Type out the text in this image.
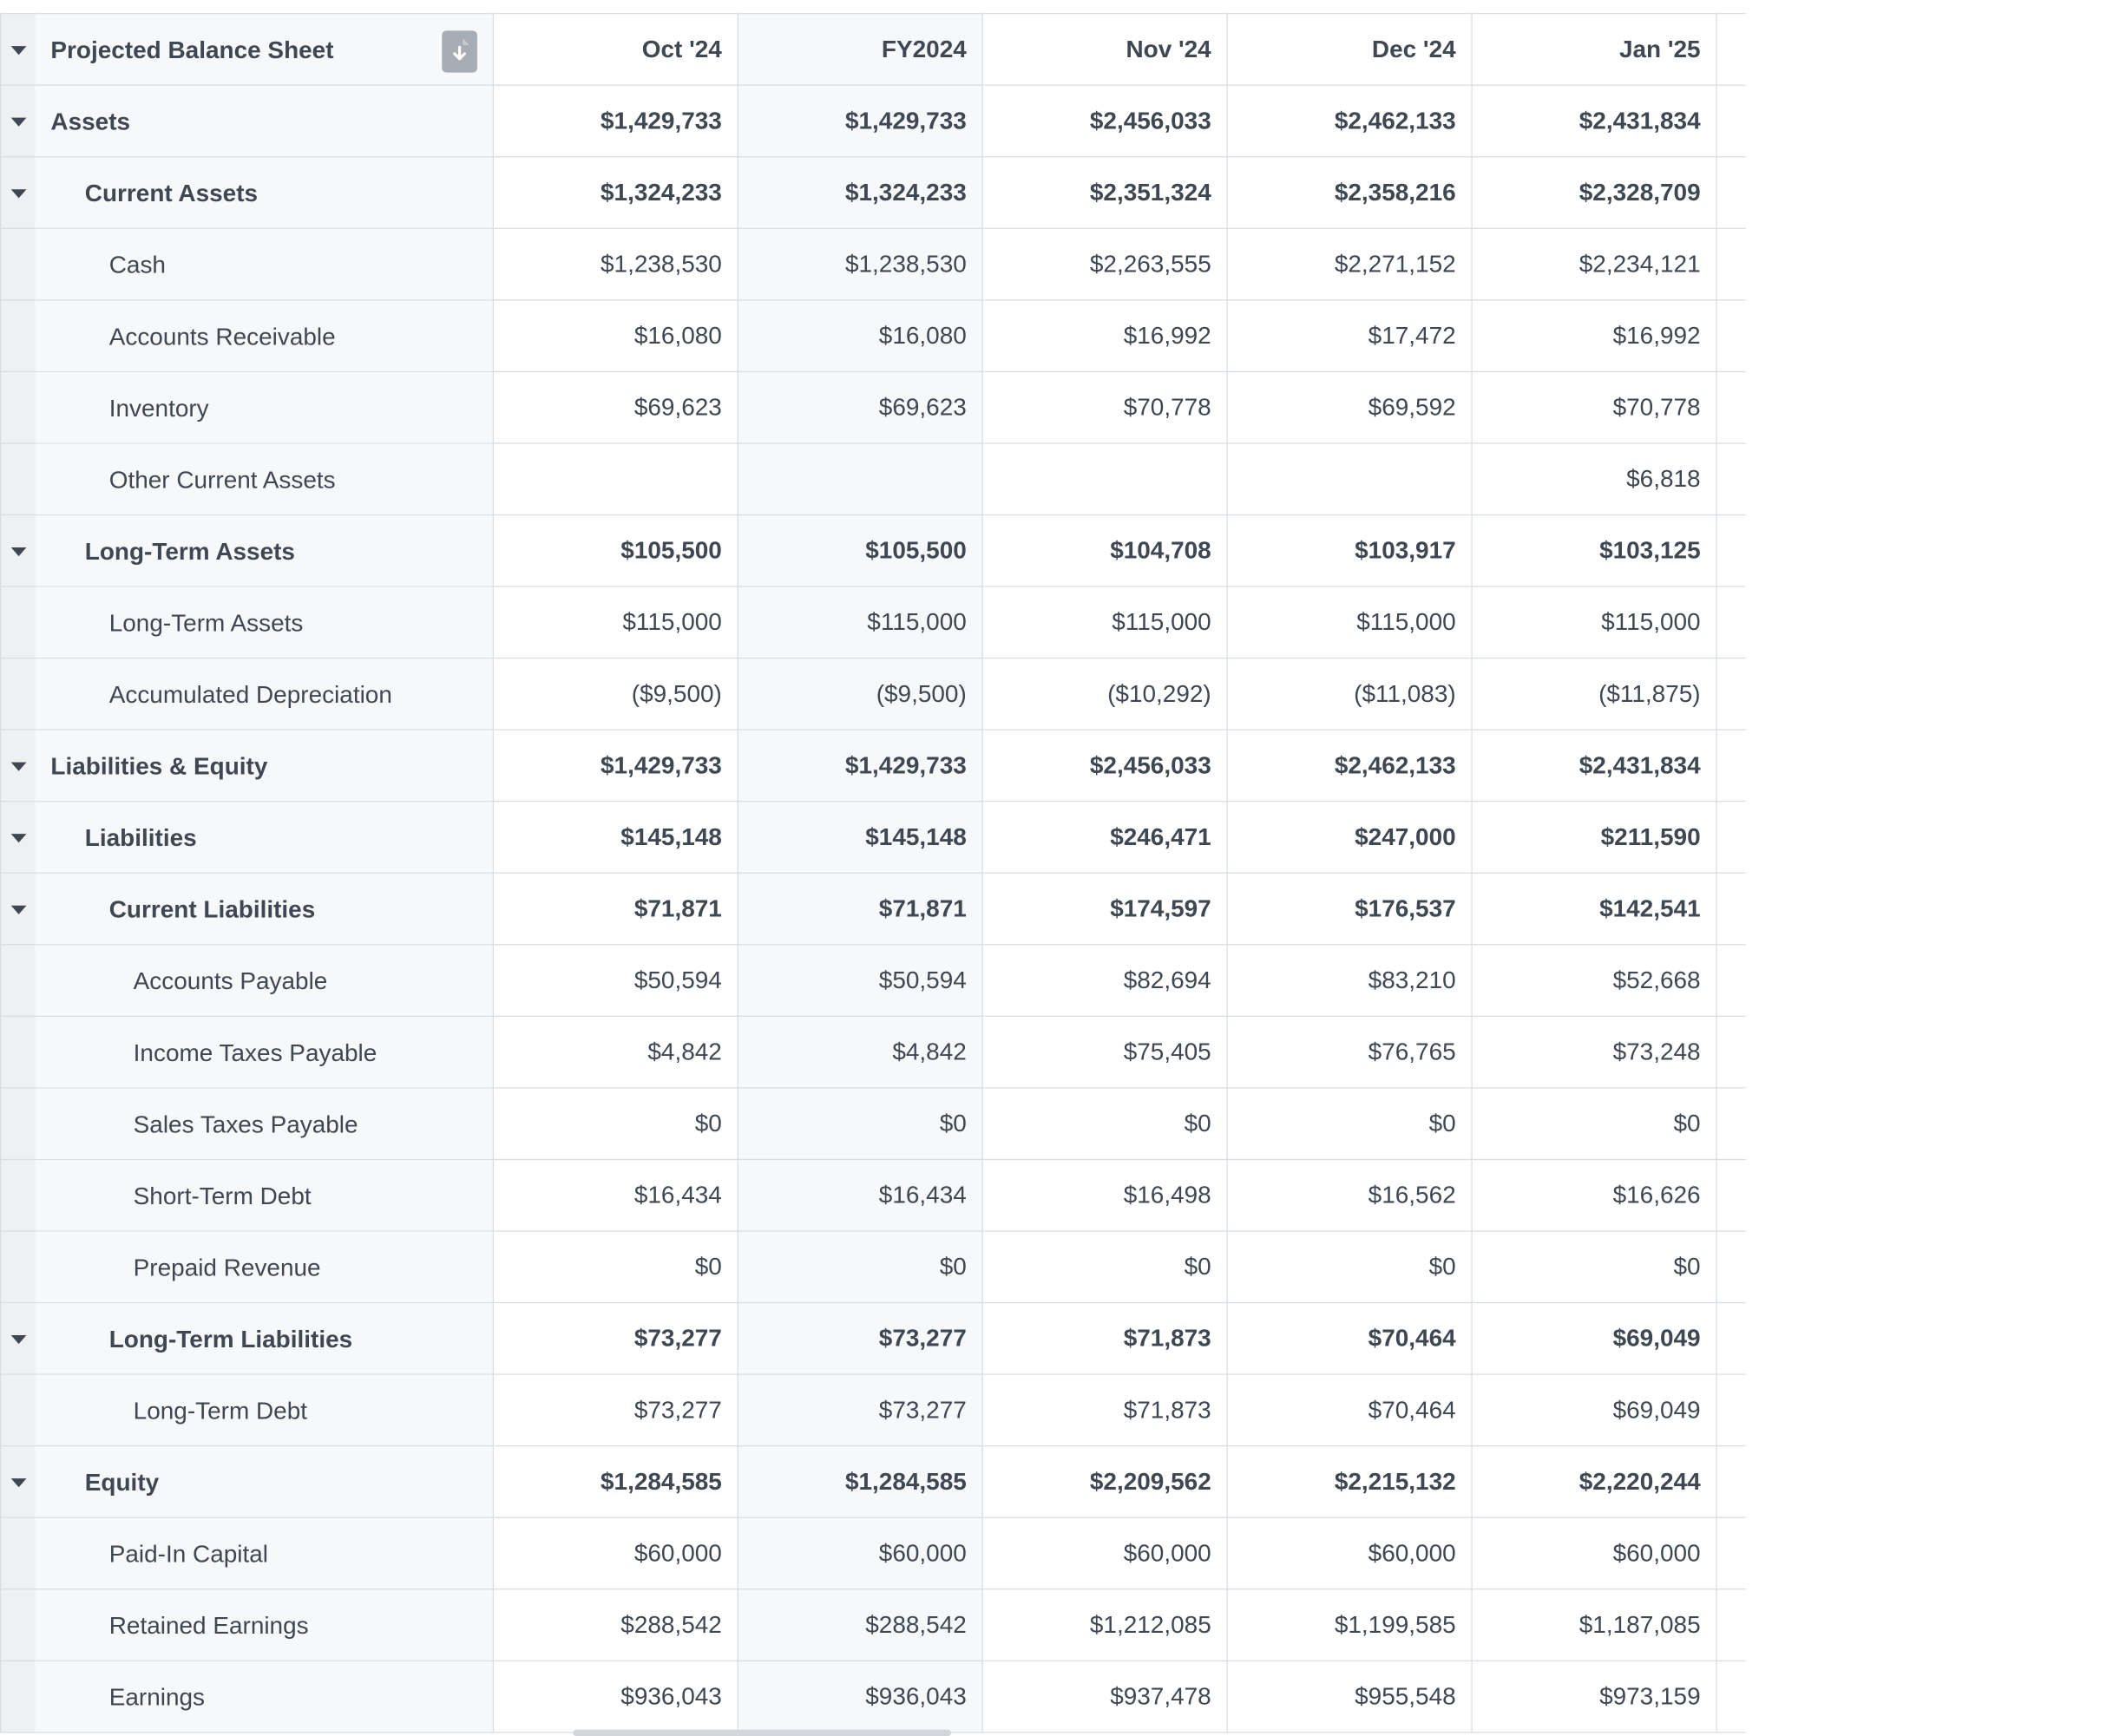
	Projected Balance Sheet	Oct '24	FY2024	Nov '24	Dec '24	Jan '25	
	Assets	$1,429,733	$1,429,733	$2,456,033	$2,462,133	$2,431,834	
	Current Assets	$1,324,233	$1,324,233	$2,351,324	$2,358,216	$2,328,709	
	Cash	$1,238,530	$1,238,530	$2,263,555	$2,271,152	$2,234,121	
	Accounts Receivable	$16,080	$16,080	$16,992	$17,472	$16,992	
	Inventory	$69,623	$69,623	$70,778	$69,592	$70,778	
	Other Current Assets					$6,818	
	Long-Term Assets	$105,500	$105,500	$104,708	$103,917	$103,125	
	Long-Term Assets	$115,000	$115,000	$115,000	$115,000	$115,000	
	Accumulated Depreciation	($9,500)	($9,500)	($10,292)	($11,083)	($11,875)	
	Liabilities & Equity	$1,429,733	$1,429,733	$2,456,033	$2,462,133	$2,431,834	
	Liabilities	$145,148	$145,148	$246,471	$247,000	$211,590	
	Current Liabilities	$71,871	$71,871	$174,597	$176,537	$142,541	
	Accounts Payable	$50,594	$50,594	$82,694	$83,210	$52,668	
	Income Taxes Payable	$4,842	$4,842	$75,405	$76,765	$73,248	
	Sales Taxes Payable	$0	$0	$0	$0	$0	
	Short-Term Debt	$16,434	$16,434	$16,498	$16,562	$16,626	
	Prepaid Revenue	$0	$0	$0	$0	$0	
	Long-Term Liabilities	$73,277	$73,277	$71,873	$70,464	$69,049	
	Long-Term Debt	$73,277	$73,277	$71,873	$70,464	$69,049	
	Equity	$1,284,585	$1,284,585	$2,209,562	$2,215,132	$2,220,244	
	Paid-In Capital	$60,000	$60,000	$60,000	$60,000	$60,000	
	Retained Earnings	$288,542	$288,542	$1,212,085	$1,199,585	$1,187,085	
	Earnings	$936,043	$936,043	$937,478	$955,548	$973,159	
